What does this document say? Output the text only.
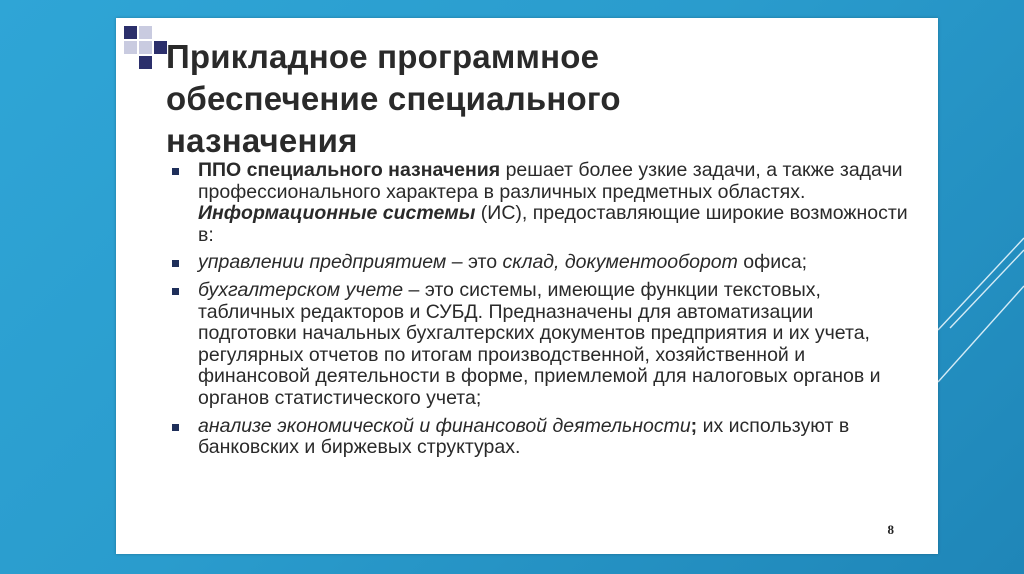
Прикладное программное
обеспечение специального
назначения
ППО специального назначения решает более узкие задачи, а также задачи профессионального характера в различных предметных областях. Информационные системы (ИС), предоставляющие широкие возможности в:
управлении предприятием – это склад, документооборот офиса;
бухгалтерском учете – это системы, имеющие функции текстовых, табличных редакторов и СУБД. Предназначены для автоматизации подготовки начальных бухгалтерских документов предприятия и их учета, регулярных отчетов по итогам производственной, хозяйственной и финансовой деятельности в форме, приемлемой для налоговых органов и органов статистического учета;
анализе экономической и финансовой деятельности; их используют в банковских и биржевых структурах.
8
